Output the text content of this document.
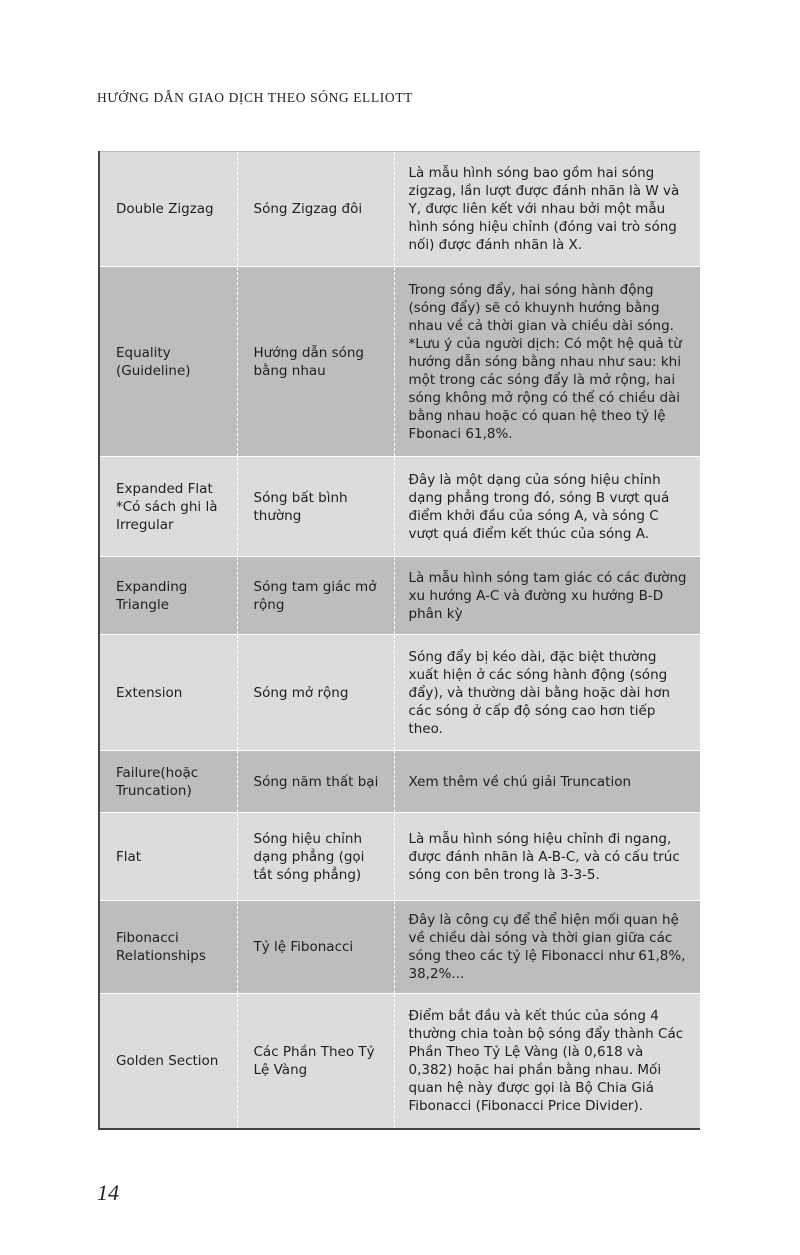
HƯỚNG DẪN GIAO DỊCH THEO SÓNG ELLIOTT
Double Zigzag	Sóng Zigzag đôi	Là mẫu hình sóng bao gồm hai sóng zigzag, lần lượt được đánh nhãn là W và Y, được liên kết với nhau bởi một mẫu hình sóng hiệu chỉnh (đóng vai trò sóng nối) được đánh nhãn là X.
Equality (Guideline)	Hướng dẫn sóng bằng nhau	Trong sóng đẩy, hai sóng hành động (sóng đẩy) sẽ có khuynh hướng bằng nhau về cả thời gian và chiều dài sóng. *Lưu ý của người dịch: Có một hệ quả từ hướng dẫn sóng bằng nhau như sau: khi một trong các sóng đẩy là mở rộng, hai sóng không mở rộng có thể có chiều dài bằng nhau hoặc có quan hệ theo tỷ lệ Fbonaci 61,8%.
Expanded Flat *Có sách ghi là Irregular	Sóng bất bình thường	Đây là một dạng của sóng hiệu chỉnh dạng phẳng trong đó, sóng B vượt quá điểm khởi đầu của sóng A, và sóng C vượt quá điểm kết thúc của sóng A.
Expanding Triangle	Sóng tam giác mở rộng	Là mẫu hình sóng tam giác có các đường xu hướng A-C và đường xu hướng B-D phân kỳ
Extension	Sóng mở rộng	Sóng đẩy bị kéo dài, đặc biệt thường xuất hiện ở các sóng hành động (sóng đẩy), và thường dài bằng hoặc dài hơn các sóng ở cấp độ sóng cao hơn tiếp theo.
Failure(hoặc Truncation)	Sóng năm thất bại	Xem thêm về chú giải Truncation
Flat	Sóng hiệu chỉnh dạng phẳng (gọi tắt sóng phẳng)	Là mẫu hình sóng hiệu chỉnh đi ngang, được đánh nhãn là A-B-C, và có cấu trúc sóng con bên trong là 3-3-5.
Fibonacci Relationships	Tỷ lệ Fibonacci	Đây là công cụ để thể hiện mối quan hệ về chiều dài sóng và thời gian giữa các sóng theo các tỷ lệ Fibonacci như 61,8%, 38,2%...
Golden Section	Các Phần Theo Tỷ Lệ Vàng	Điểm bắt đầu và kết thúc của sóng 4 thường chia toàn bộ sóng đẩy thành Các Phần Theo Tỷ Lệ Vàng (là 0,618 và 0,382) hoặc hai phần bằng nhau. Mối quan hệ này được gọi là Bộ Chia Giá Fibonacci (Fibonacci Price Divider).
14
